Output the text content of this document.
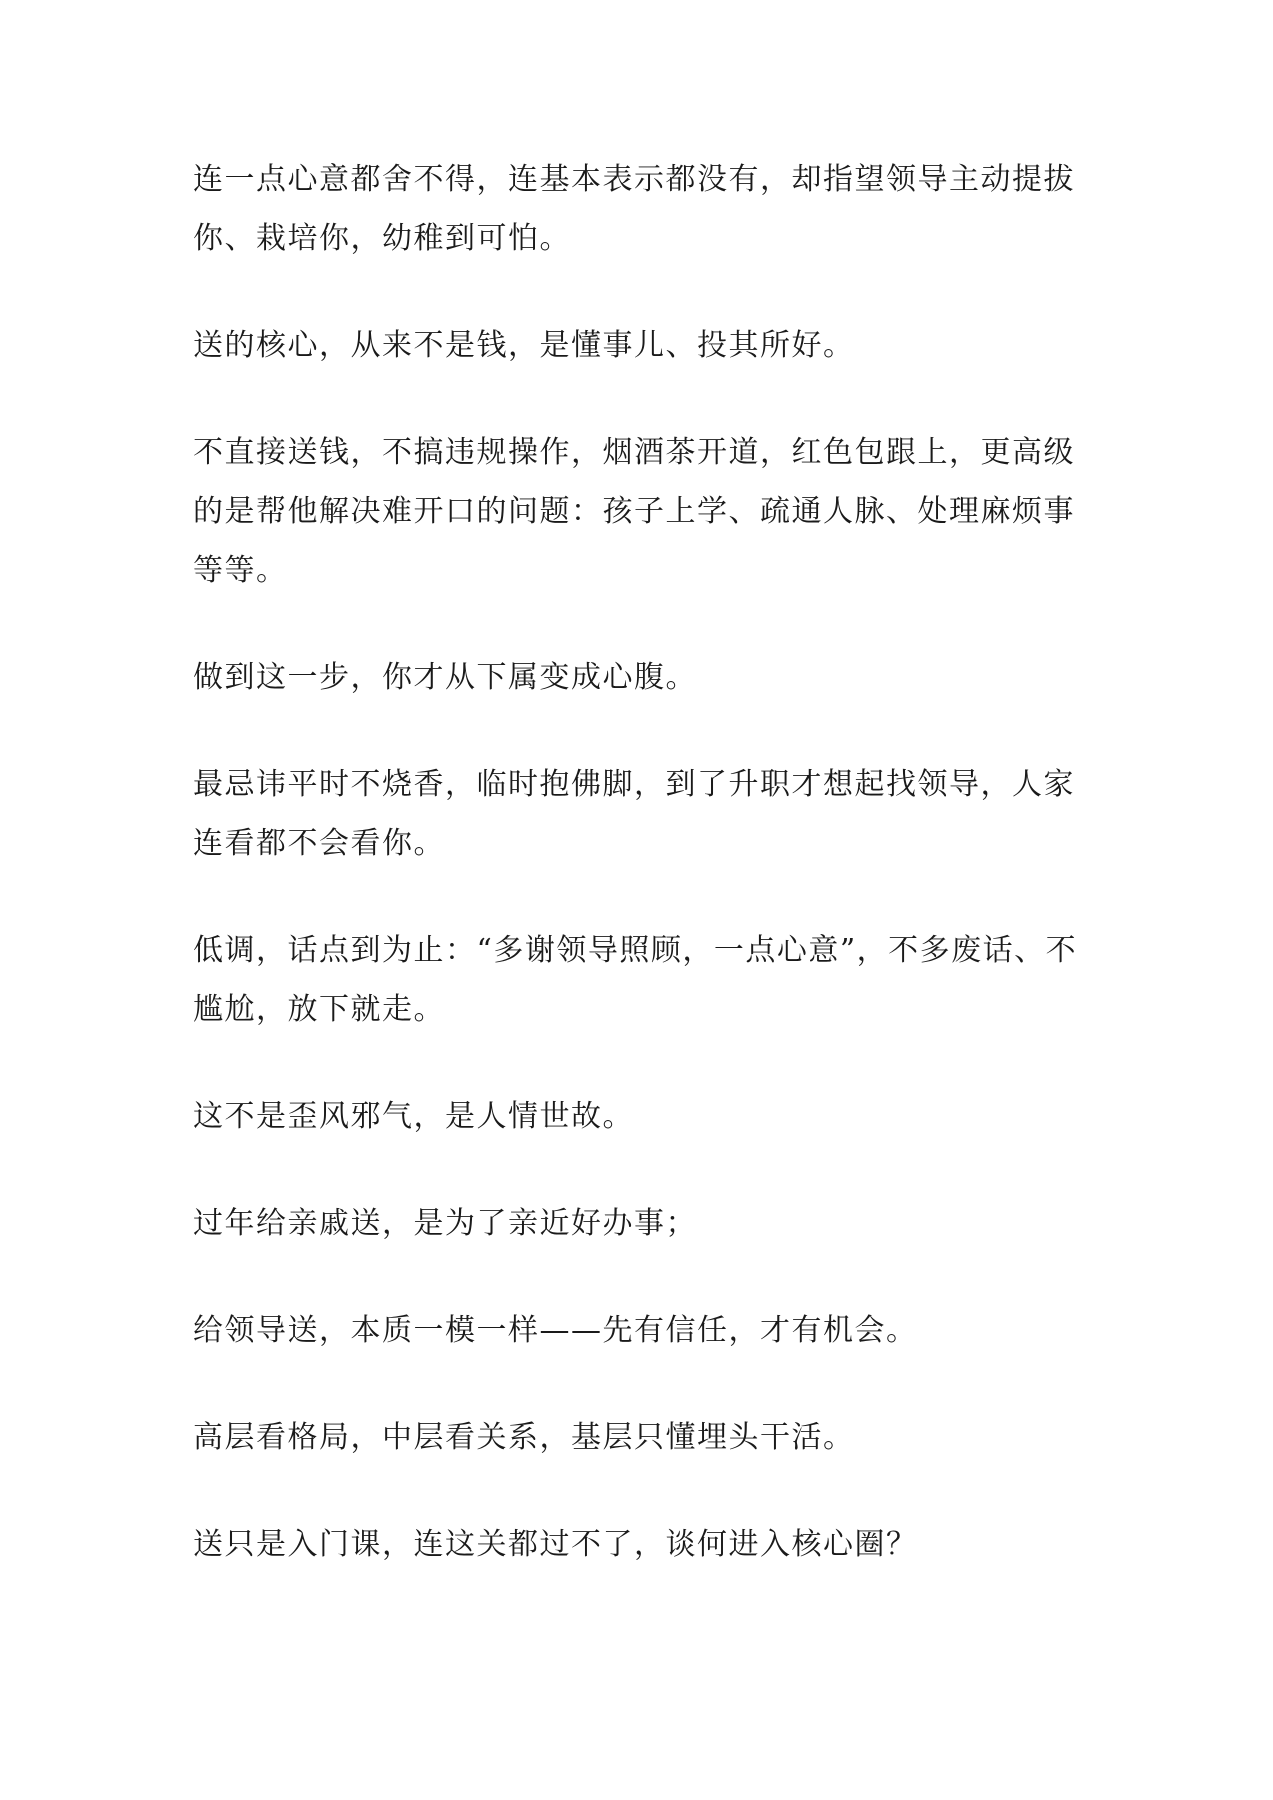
连一点心意都舍不得，连基本表示都没有，却指望领导主动提拔你、栽培你，幼稚到可怕。

送的核心，从来不是钱，是懂事儿、投其所好。

不直接送钱，不搞违规操作，烟酒茶开道，红色包跟上，更高级的是帮他解决难开口的问题：孩子上学、疏通人脉、处理麻烦事等等。

做到这一步，你才从下属变成心腹。

最忌讳平时不烧香，临时抱佛脚，到了升职才想起找领导，人家连看都不会看你。

低调，话点到为止：“多谢领导照顾，一点心意”，不多废话、不尴尬，放下就走。

这不是歪风邪气，是人情世故。

过年给亲戚送，是为了亲近好办事；

给领导送，本质一模一样——先有信任，才有机会。

高层看格局，中层看关系，基层只懂埋头干活。

送只是入门课，连这关都过不了，谈何进入核心圈？
